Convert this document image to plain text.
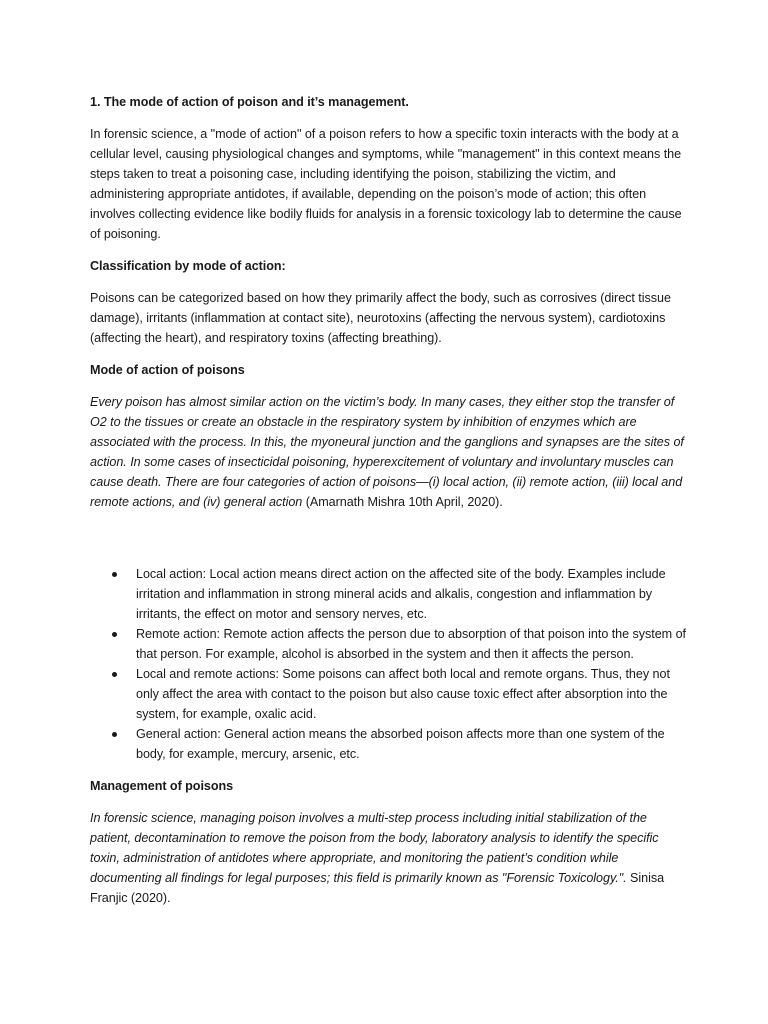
1. The mode of action of poison and it’s management.

In forensic science, a "mode of action" of a poison refers to how a specific toxin interacts with the body at a cellular level, causing physiological changes and symptoms, while "management" in this context means the steps taken to treat a poisoning case, including identifying the poison, stabilizing the victim, and administering appropriate antidotes, if available, depending on the poison’s mode of action; this often involves collecting evidence like bodily fluids for analysis in a forensic toxicology lab to determine the cause of poisoning.

Classification by mode of action:

Poisons can be categorized based on how they primarily affect the body, such as corrosives (direct tissue damage), irritants (inflammation at contact site), neurotoxins (affecting the nervous system), cardiotoxins (affecting the heart), and respiratory toxins (affecting breathing).

Mode of action of poisons

Every poison has almost similar action on the victim’s body. In many cases, they either stop the transfer of O2 to the tissues or create an obstacle in the respiratory system by inhibition of enzymes which are associated with the process. In this, the myoneural junction and the ganglions and synapses are the sites of action. In some cases of insecticidal poisoning, hyperexcitement of voluntary and involuntary muscles can cause death. There are four categories of action of poisons—(i) local action, (ii) remote action, (iii) local and remote actions, and (iv) general action (Amarnath Mishra 10th April, 2020).

Local action: Local action means direct action on the affected site of the body. Examples include irritation and inflammation in strong mineral acids and alkalis, congestion and inflammation by irritants, the effect on motor and sensory nerves, etc.
Remote action: Remote action affects the person due to absorption of that poison into the system of that person. For example, alcohol is absorbed in the system and then it affects the person.
Local and remote actions: Some poisons can affect both local and remote organs. Thus, they not only affect the area with contact to the poison but also cause toxic effect after absorption into the system, for example, oxalic acid.
General action: General action means the absorbed poison affects more than one system of the body, for example, mercury, arsenic, etc.

Management of poisons

In forensic science, managing poison involves a multi-step process including initial stabilization of the patient, decontamination to remove the poison from the body, laboratory analysis to identify the specific toxin, administration of antidotes where appropriate, and monitoring the patient’s condition while documenting all findings for legal purposes; this field is primarily known as "Forensic Toxicology.". Sinisa Franjic (2020).
